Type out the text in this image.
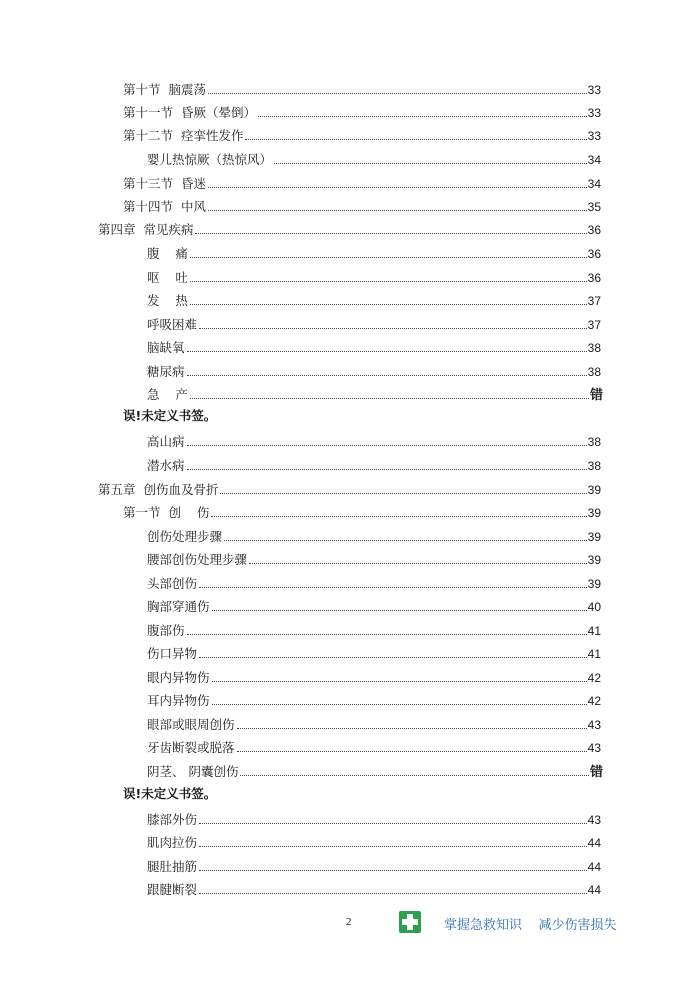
第十节  脑震荡	33
第十一节  昏厥（晕倒）	33
第十二节  痉挛性发作	33
婴儿热惊厥（热惊风）	34
第十三节  昏迷	34
第十四节  中风	35
第四章  常见疾病	36
腹    痛	36
呕    吐	36
发    热	37
呼吸困难	37
脑缺氧	38
糖尿病	38
急    产	错
误!未定义书签。
高山病	38
潜水病	38
第五章  创伤血及骨折	39
第一节  创    伤	39
创伤处理步骤	39
腰部创伤处理步骤	39
头部创伤	39
胸部穿通伤	40
腹部伤	41
伤口异物	41
眼内异物伤	42
耳内异物伤	42
眼部或眼周创伤	43
牙齿断裂或脱落	43
阴茎、 阴囊创伤	错
误!未定义书签。
膝部外伤	43
肌肉拉伤	44
腿肚抽筋	44
跟腱断裂	44
2	掌握急救知识    减少伤害损失
